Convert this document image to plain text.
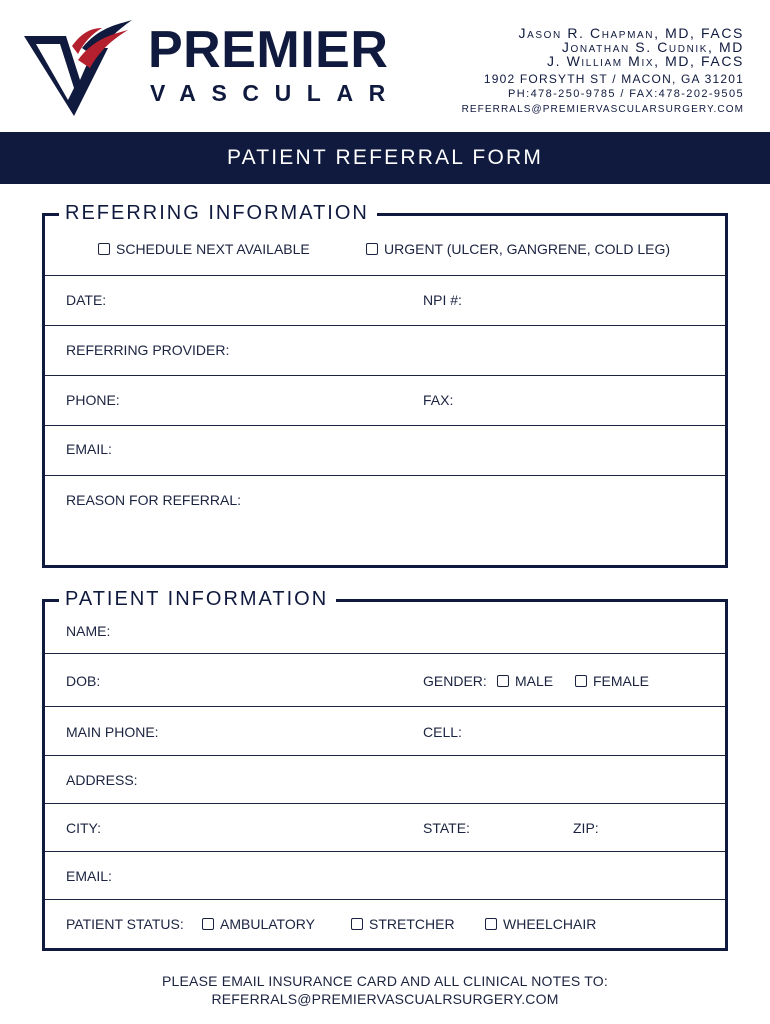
PREMIER
VASCULAR
Jason R. Chapman, MD, FACS
Jonathan S. Cudnik, MD
J. William Mix, MD, FACS
1902 FORSYTH ST / MACON, GA 31201
PH:478-250-9785 / FAX:478-202-9505
REFERRALS@PREMIERVASCULARSURGERY.COM
PATIENT REFERRAL FORM
REFERRING INFORMATION
SCHEDULE NEXT AVAILABLE	URGENT (ULCER, GANGRENE, COLD LEG)
DATE:	NPI #:
REFERRING PROVIDER:
PHONE:	FAX:
EMAIL:
REASON FOR REFERRAL:
PATIENT INFORMATION
NAME:
DOB:	GENDER:	MALE	FEMALE
MAIN PHONE:	CELL:
ADDRESS:
CITY:	STATE:	ZIP:
EMAIL:
PATIENT STATUS:	AMBULATORY	STRETCHER	WHEELCHAIR
PLEASE EMAIL INSURANCE CARD AND ALL CLINICAL NOTES TO:
REFERRALS@PREMIERVASCUALRSURGERY.COM
